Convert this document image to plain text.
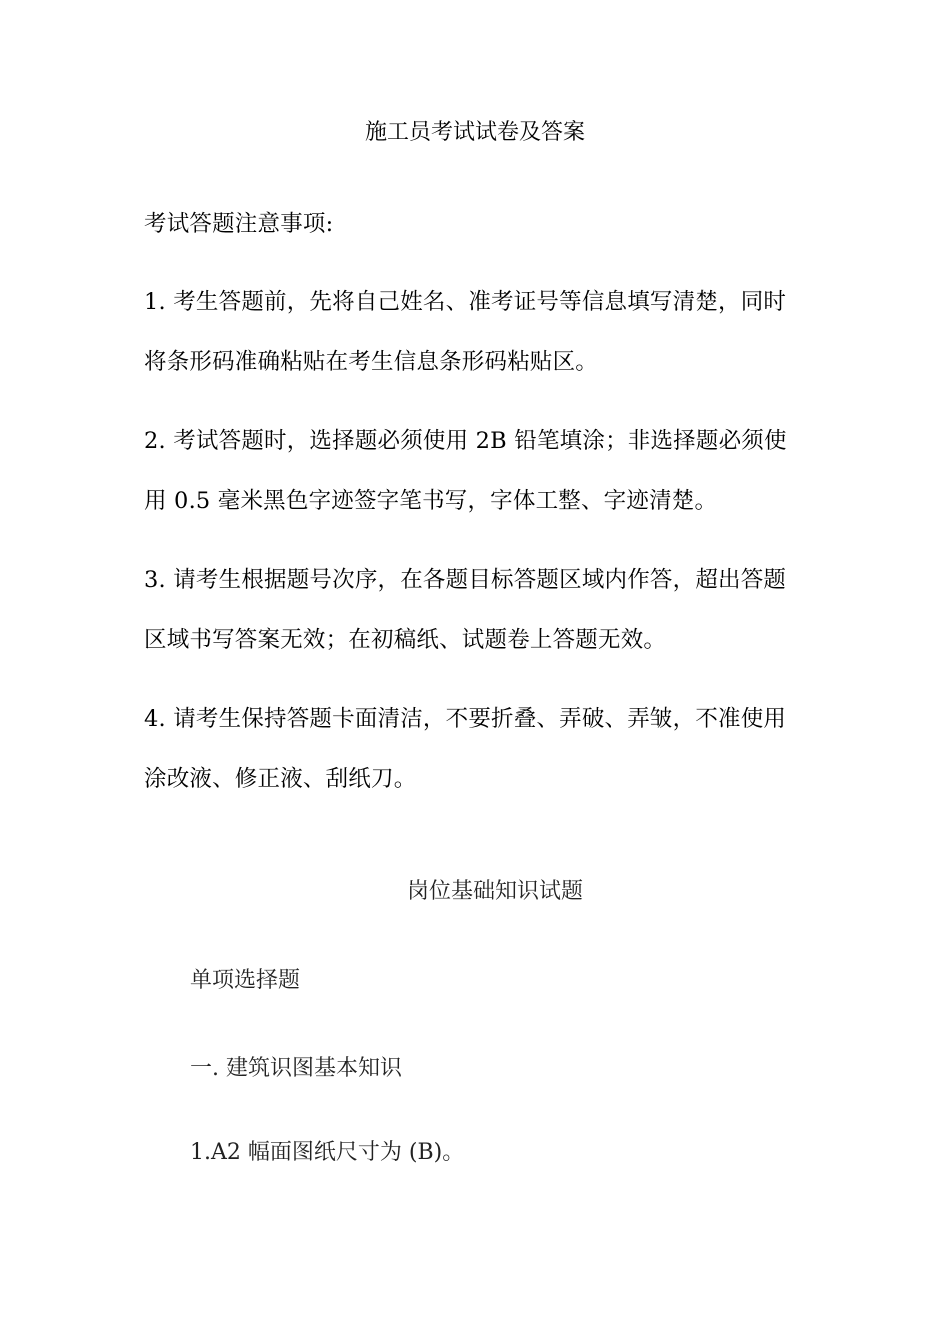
施工员考试试卷及答案
考试答题注意事项:
1. 考生答题前，先将自己姓名、准考证号等信息填写清楚，同时
将条形码准确粘贴在考生信息条形码粘贴区。
2. 考试答题时，选择题必须使用 2B 铅笔填涂；非选择题必须使
用 0.5 毫米黑色字迹签字笔书写，字体工整、字迹清楚。
3. 请考生根据题号次序，在各题目标答题区域内作答，超出答题
区域书写答案无效；在初稿纸、试题卷上答题无效。
4. 请考生保持答题卡面清洁，不要折叠、弄破、弄皱，不准使用
涂改液、修正液、刮纸刀。
岗位基础知识试题
单项选择题
一. 建筑识图基本知识
1.A2 幅面图纸尺寸为 (B)。
